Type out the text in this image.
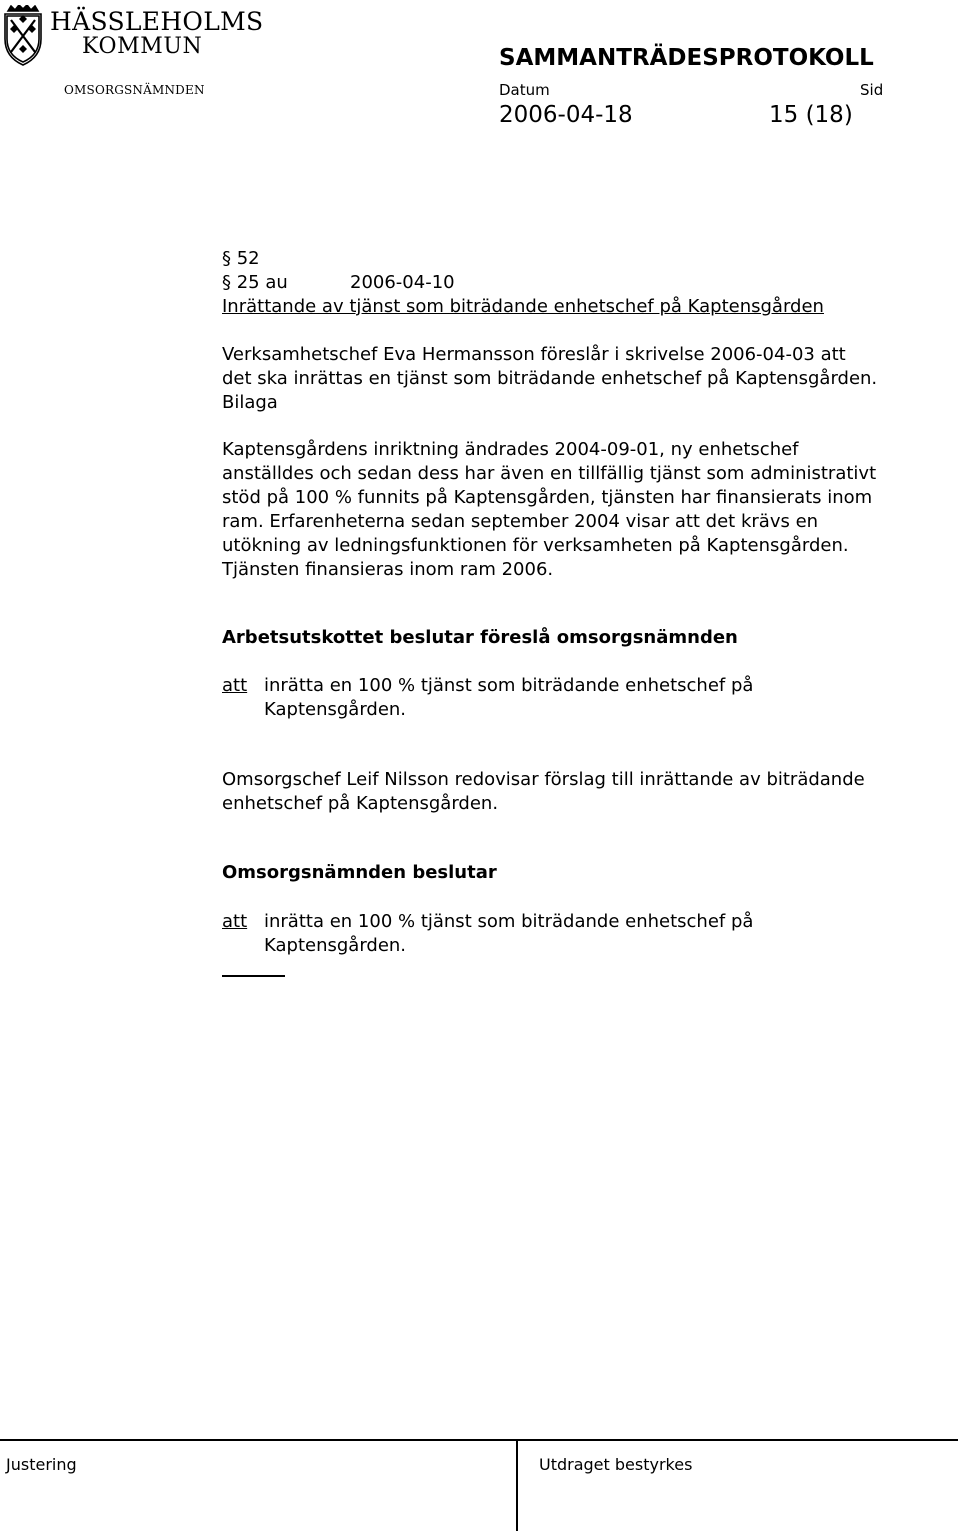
HÄSSLEHOLMS
KOMMUN
OMSORGSNÄMNDEN
SAMMANTRÄDESPROTOKOLL
Datum	Sid
2006-04-18	15 (18)
§ 52
§ 25 au	2006-04-10
Inrättande av tjänst som biträdande enhetschef på Kaptensgården
Verksamhetschef Eva Hermansson föreslår i skrivelse 2006-04-03 att
det ska inrättas en tjänst som biträdande enhetschef på Kaptensgården.
Bilaga
Kaptensgårdens inriktning ändrades 2004-09-01, ny enhetschef
anställdes och sedan dess har även en tillfällig tjänst som administrativt
stöd på 100 % funnits på Kaptensgården, tjänsten har finansierats inom
ram. Erfarenheterna sedan september 2004 visar att det krävs en
utökning av ledningsfunktionen för verksamheten på Kaptensgården.
Tjänsten finansieras inom ram 2006.
Arbetsutskottet beslutar föreslå omsorgsnämnden
att inrätta en 100 % tjänst som biträdande enhetschef på
Kaptensgården.
Omsorgschef Leif Nilsson redovisar förslag till inrättande av biträdande
enhetschef på Kaptensgården.
Omsorgsnämnden beslutar
att inrätta en 100 % tjänst som biträdande enhetschef på
Kaptensgården.
Justering	Utdraget bestyrkes
